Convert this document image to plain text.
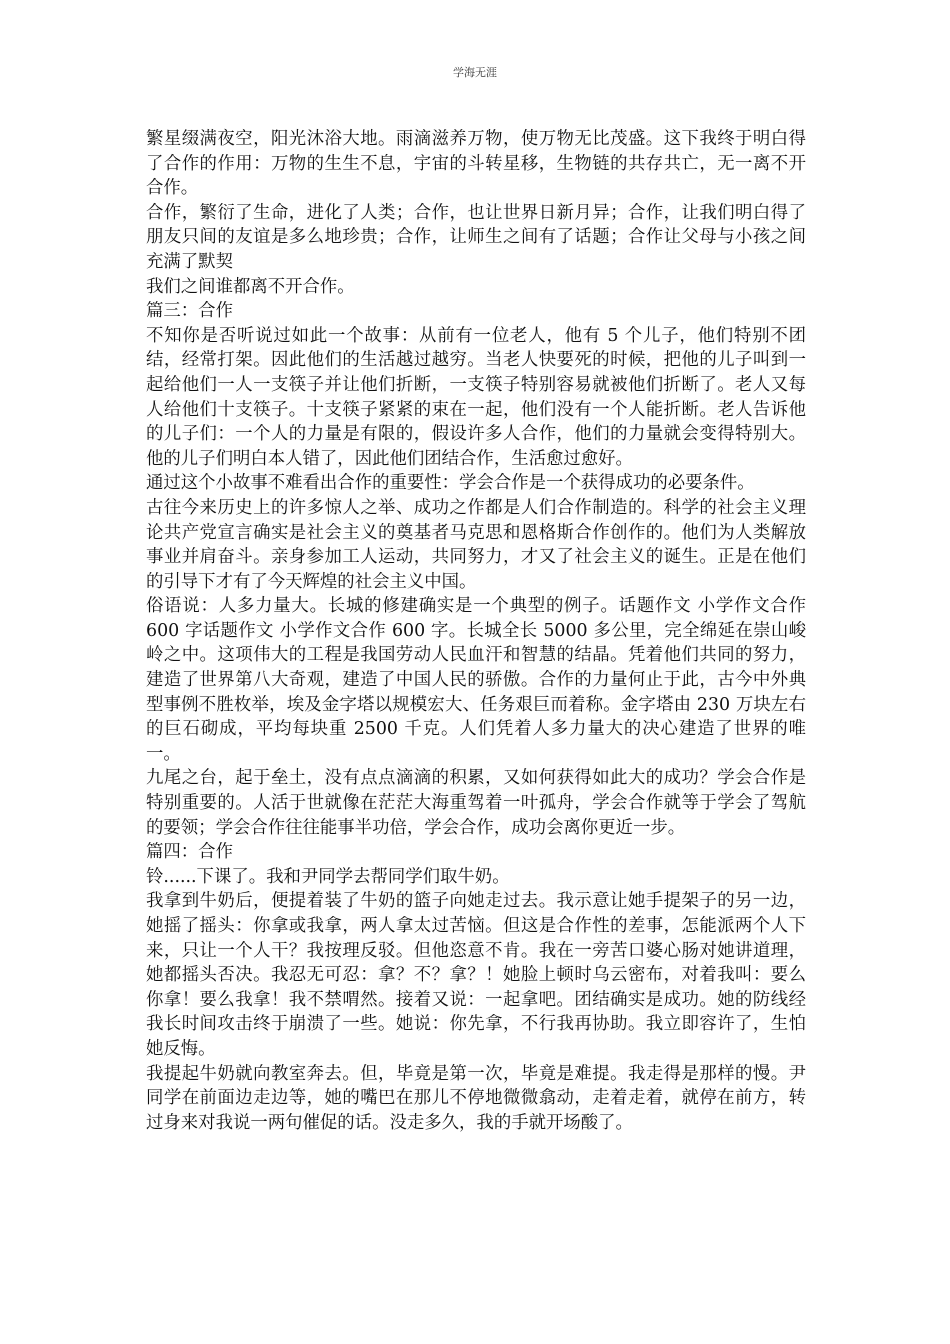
学海无涯

繁星缀满夜空，阳光沐浴大地。雨滴滋养万物，使万物无比茂盛。这下我终于明白得了合作的作用：万物的生生不息，宇宙的斗转星移，生物链的共存共亡，无一离不开合作。

合作，繁衍了生命，进化了人类；合作，也让世界日新月异；合作，让我们明白得了朋友只间的友谊是多么地珍贵；合作，让师生之间有了话题；合作让父母与小孩之间充满了默契

我们之间谁都离不开合作。

篇三：合作

不知你是否听说过如此一个故事：从前有一位老人，他有 5 个儿子，他们特别不团结，经常打架。因此他们的生活越过越穷。当老人快要死的时候，把他的儿子叫到一起给他们一人一支筷子并让他们折断，一支筷子特别容易就被他们折断了。老人又每人给他们十支筷子。十支筷子紧紧的束在一起，他们没有一个人能折断。老人告诉他的儿子们：一个人的力量是有限的，假设许多人合作，他们的力量就会变得特别大。他的儿子们明白本人错了，因此他们团结合作，生活愈过愈好。

通过这个小故事不难看出合作的重要性：学会合作是一个获得成功的必要条件。

古往今来历史上的许多惊人之举、成功之作都是人们合作制造的。科学的社会主义理论共产党宣言确实是社会主义的奠基者马克思和恩格斯合作创作的。他们为人类解放事业并肩奋斗。亲身参加工人运动，共同努力，才又了社会主义的诞生。正是在他们的引导下才有了今天辉煌的社会主义中国。

俗语说：人多力量大。长城的修建确实是一个典型的例子。话题作文 小学作文合作 600 字话题作文 小学作文合作 600 字。长城全长 5000 多公里，完全绵延在崇山峻岭之中。这项伟大的工程是我国劳动人民血汗和智慧的结晶。凭着他们共同的努力，建造了世界第八大奇观，建造了中国人民的骄傲。合作的力量何止于此，古今中外典型事例不胜枚举，埃及金字塔以规模宏大、任务艰巨而着称。金字塔由 230 万块左右的巨石砌成，平均每块重 2500 千克。人们凭着人多力量大的决心建造了世界的唯一。

九尾之台，起于垒土，没有点点滴滴的积累，又如何获得如此大的成功？学会合作是特别重要的。人活于世就像在茫茫大海重驾着一叶孤舟，学会合作就等于学会了驾航的要领；学会合作往往能事半功倍，学会合作，成功会离你更近一步。

篇四：合作

铃......下课了。我和尹同学去帮同学们取牛奶。

我拿到牛奶后，便提着装了牛奶的篮子向她走过去。我示意让她手提架子的另一边，她摇了摇头：你拿或我拿，两人拿太过苦恼。但这是合作性的差事，怎能派两个人下来，只让一个人干？我按理反驳。但他恣意不肯。我在一旁苦口婆心肠对她讲道理，她都摇头否决。我忍无可忍：拿？不？拿？！她脸上顿时乌云密布，对着我叫：要么你拿！要么我拿！我不禁喟然。接着又说：一起拿吧。团结确实是成功。她的防线经我长时间攻击终于崩溃了一些。她说：你先拿，不行我再协助。我立即容许了，生怕她反悔。

我提起牛奶就向教室奔去。但，毕竟是第一次，毕竟是难提。我走得是那样的慢。尹同学在前面边走边等，她的嘴巴在那儿不停地微微翕动，走着走着，就停在前方，转过身来对我说一两句催促的话。没走多久，我的手就开场酸了。
